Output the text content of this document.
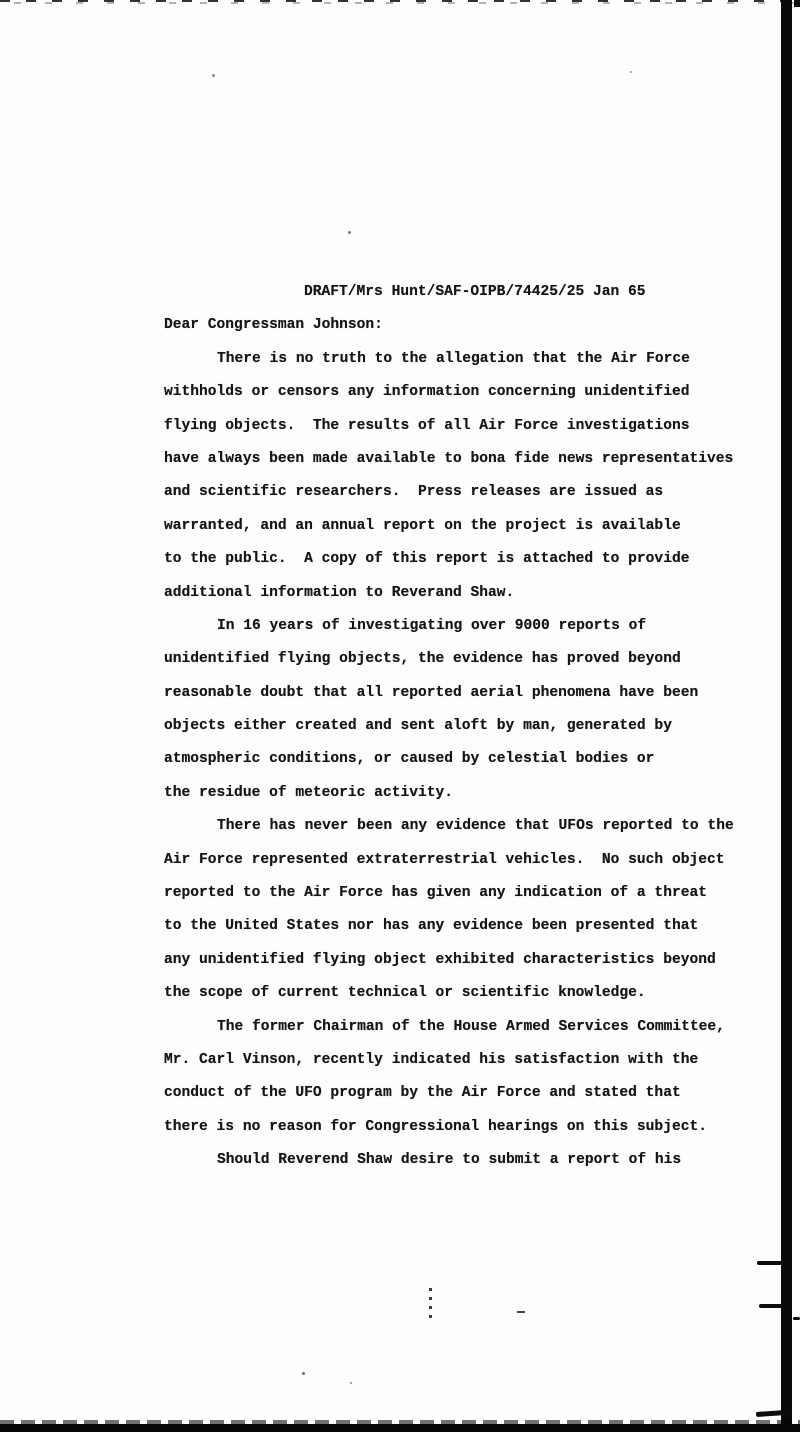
DRAFT/Mrs Hunt/SAF-OIPB/74425/25 Jan 65
Dear Congressman Johnson:
There is no truth to the allegation that the Air Force
withholds or censors any information concerning unidentified
flying objects.  The results of all Air Force investigations
have always been made available to bona fide news representatives
and scientific researchers.  Press releases are issued as
warranted, and an annual report on the project is available
to the public.  A copy of this report is attached to provide
additional information to Reverand Shaw.
In 16 years of investigating over 9000 reports of
unidentified flying objects, the evidence has proved beyond
reasonable doubt that all reported aerial phenomena have been
objects either created and sent aloft by man, generated by
atmospheric conditions, or caused by celestial bodies or
the residue of meteoric activity.
There has never been any evidence that UFOs reported to the
Air Force represented extraterrestrial vehicles.  No such object
reported to the Air Force has given any indication of a threat
to the United States nor has any evidence been presented that
any unidentified flying object exhibited characteristics beyond
the scope of current technical or scientific knowledge.
The former Chairman of the House Armed Services Committee,
Mr. Carl Vinson, recently indicated his satisfaction with the
conduct of the UFO program by the Air Force and stated that
there is no reason for Congressional hearings on this subject.
Should Reverend Shaw desire to submit a report of his
